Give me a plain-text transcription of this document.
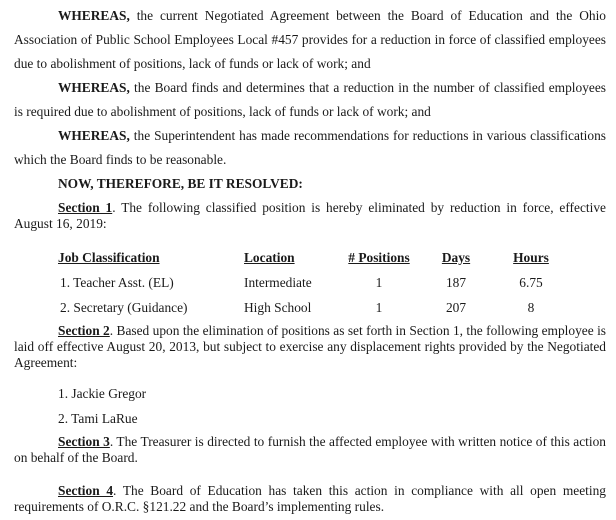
WHEREAS, the current Negotiated Agreement between the Board of Education and the Ohio Association of Public School Employees Local #457 provides for a reduction in force of classified employees due to abolishment of positions, lack of funds or lack of work; and
WHEREAS, the Board finds and determines that a reduction in the number of classified employees is required due to abolishment of positions, lack of funds or lack of work; and
WHEREAS, the Superintendent has made recommendations for reductions in various classifications which the Board finds to be reasonable.
NOW, THEREFORE, BE IT RESOLVED:
Section 1. The following classified position is hereby eliminated by reduction in force, effective August 16, 2019:
Job Classification	Location	# Positions	Days	Hours
1. Teacher Asst. (EL)	Intermediate	1	187	6.75
2. Secretary (Guidance)	High School	1	207	8
Section 2. Based upon the elimination of positions as set forth in Section 1, the following employee is laid off effective August 20, 2013, but subject to exercise any displacement rights provided by the Negotiated Agreement:
1. Jackie Gregor
2. Tami LaRue
Section 3. The Treasurer is directed to furnish the affected employee with written notice of this action on behalf of the Board.
Section 4. The Board of Education has taken this action in compliance with all open meeting requirements of O.R.C. §121.22 and the Board’s implementing rules.
